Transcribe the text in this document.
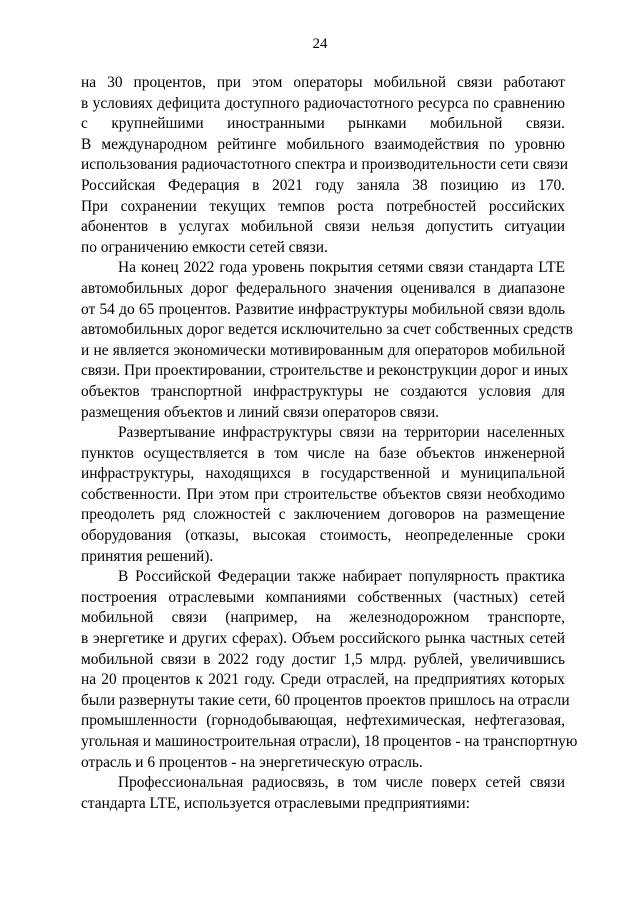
24
на 30 процентов, при этом операторы мобильной связи работают
в условиях дефицита доступного радиочастотного ресурса по сравнению
с крупнейшими иностранными рынками мобильной связи.
В международном рейтинге мобильного взаимодействия по уровню
использования радиочастотного спектра и производительности сети связи
Российская Федерация в 2021 году заняла 38 позицию из 170.
При сохранении текущих темпов роста потребностей российских
абонентов в услугах мобильной связи нельзя допустить ситуации
по ограничению емкости сетей связи.
На конец 2022 года уровень покрытия сетями связи стандарта LTE
автомобильных дорог федерального значения оценивался в диапазоне
от 54 до 65 процентов. Развитие инфраструктуры мобильной связи вдоль
автомобильных дорог ведется исключительно за счет собственных средств
и не является экономически мотивированным для операторов мобильной
связи. При проектировании, строительстве и реконструкции дорог и иных
объектов транспортной инфраструктуры не создаются условия для
размещения объектов и линий связи операторов связи.
Развертывание инфраструктуры связи на территории населенных
пунктов осуществляется в том числе на базе объектов инженерной
инфраструктуры, находящихся в государственной и муниципальной
собственности. При этом при строительстве объектов связи необходимо
преодолеть ряд сложностей с заключением договоров на размещение
оборудования (отказы, высокая стоимость, неопределенные сроки
принятия решений).
В Российской Федерации также набирает популярность практика
построения отраслевыми компаниями собственных (частных) сетей
мобильной связи (например, на железнодорожном транспорте,
в энергетике и других сферах). Объем российского рынка частных сетей
мобильной связи в 2022 году достиг 1,5 млрд. рублей, увеличившись
на 20 процентов к 2021 году. Среди отраслей, на предприятиях которых
были развернуты такие сети, 60 процентов проектов пришлось на отрасли
промышленности (горнодобывающая, нефтехимическая, нефтегазовая,
угольная и машиностроительная отрасли), 18 процентов - на транспортную
отрасль и 6 процентов - на энергетическую отрасль.
Профессиональная радиосвязь, в том числе поверх сетей связи
стандарта LTE, используется отраслевыми предприятиями:
